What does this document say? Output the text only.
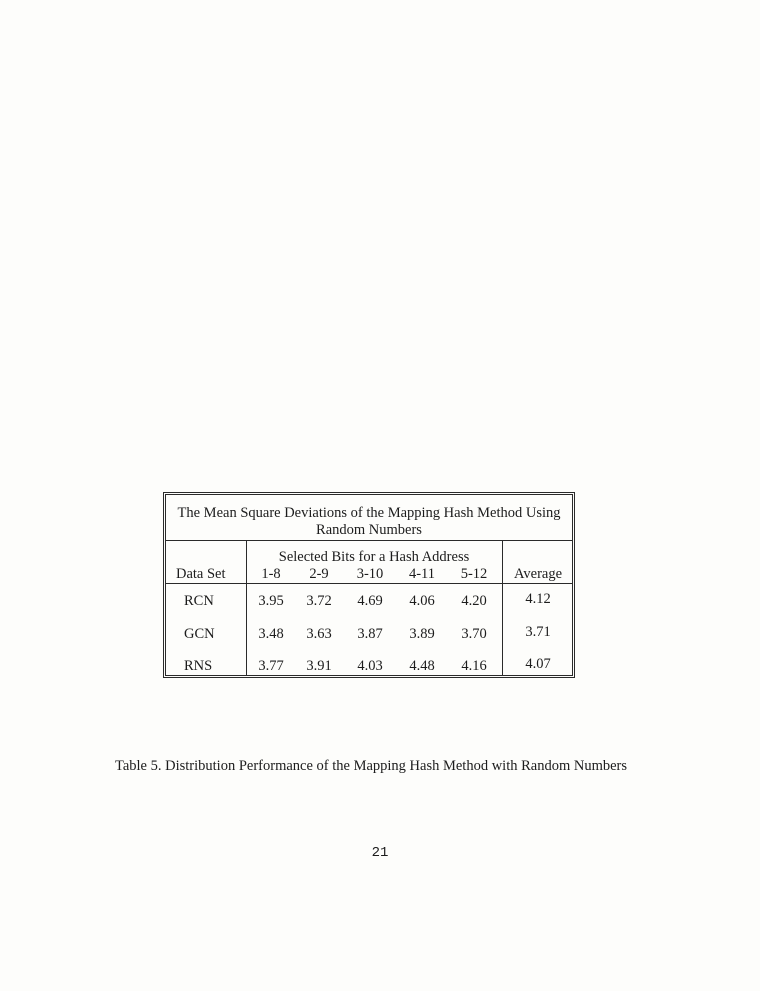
The Mean Square Deviations of the Mapping Hash Method Using
Random Numbers
Selected Bits for a Hash Address
Data Set	1-8	2-9	3-10	4-11	5-12	Average
RCN	3.95	3.72	4.69	4.06	4.20	4.12
GCN	3.48	3.63	3.87	3.89	3.70	3.71
RNS	3.77	3.91	4.03	4.48	4.16	4.07
Table 5. Distribution Performance of the Mapping Hash Method with Random Numbers
21
